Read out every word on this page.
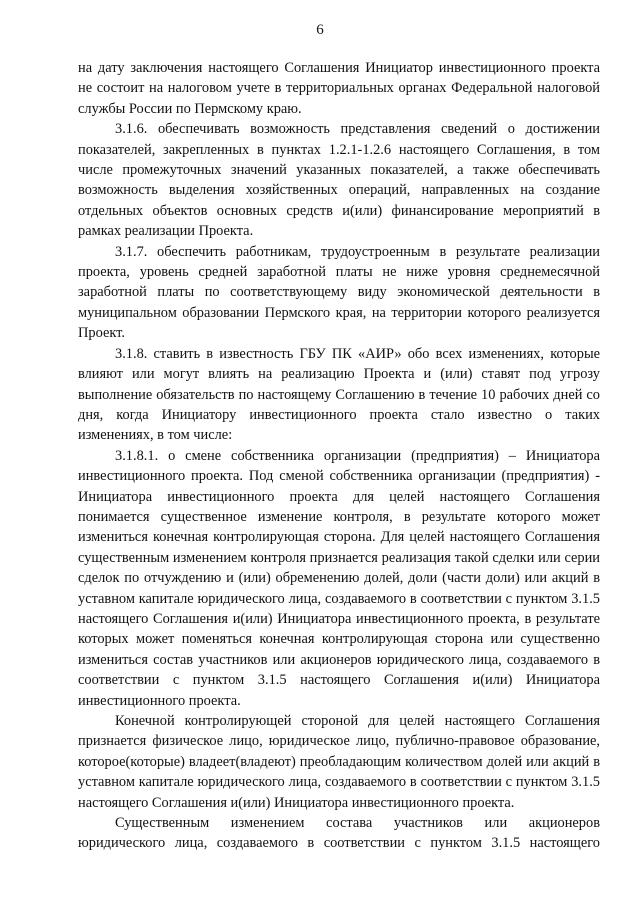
6

на дату заключения настоящего Соглашения Инициатор инвестиционного проекта не состоит на налоговом учете в территориальных органах Федеральной налоговой службы России по Пермскому краю.

3.1.6. обеспечивать возможность представления сведений о достижении показателей, закрепленных в пунктах 1.2.1-1.2.6 настоящего Соглашения, в том числе промежуточных значений указанных показателей, а также обеспечивать возможность выделения хозяйственных операций, направленных на создание отдельных объектов основных средств и(или) финансирование мероприятий в рамках реализации Проекта.

3.1.7. обеспечить работникам, трудоустроенным в результате реализации проекта, уровень средней заработной платы не ниже уровня среднемесячной заработной платы по соответствующему виду экономической деятельности в муниципальном образовании Пермского края, на территории которого реализуется Проект.

3.1.8. ставить в известность ГБУ ПК «АИР» обо всех изменениях, которые влияют или могут влиять на реализацию Проекта и (или) ставят под угрозу выполнение обязательств по настоящему Соглашению в течение 10 рабочих дней со дня, когда Инициатору инвестиционного проекта стало известно о таких изменениях, в том числе:

3.1.8.1. о смене собственника организации (предприятия) – Инициатора инвестиционного проекта. Под сменой собственника организации (предприятия) - Инициатора инвестиционного проекта для целей настоящего Соглашения понимается существенное изменение контроля, в результате которого может измениться конечная контролирующая сторона. Для целей настоящего Соглашения существенным изменением контроля признается реализация такой сделки или серии сделок по отчуждению и (или) обременению долей, доли (части доли) или акций в уставном капитале юридического лица, создаваемого в соответствии с пунктом 3.1.5 настоящего Соглашения и(или) Инициатора инвестиционного проекта, в результате которых может поменяться конечная контролирующая сторона или существенно измениться состав участников или акционеров юридического лица, создаваемого в соответствии с пунктом 3.1.5 настоящего Соглашения и(или) Инициатора инвестиционного проекта.

Конечной контролирующей стороной для целей настоящего Соглашения признается физическое лицо, юридическое лицо, публично-правовое образование, которое(которые) владеет(владеют) преобладающим количеством долей или акций в уставном капитале юридического лица, создаваемого в соответствии с пунктом 3.1.5 настоящего Соглашения и(или) Инициатора инвестиционного проекта.

Существенным изменением состава участников или акционеров юридического лица, создаваемого в соответствии с пунктом 3.1.5 настоящего
